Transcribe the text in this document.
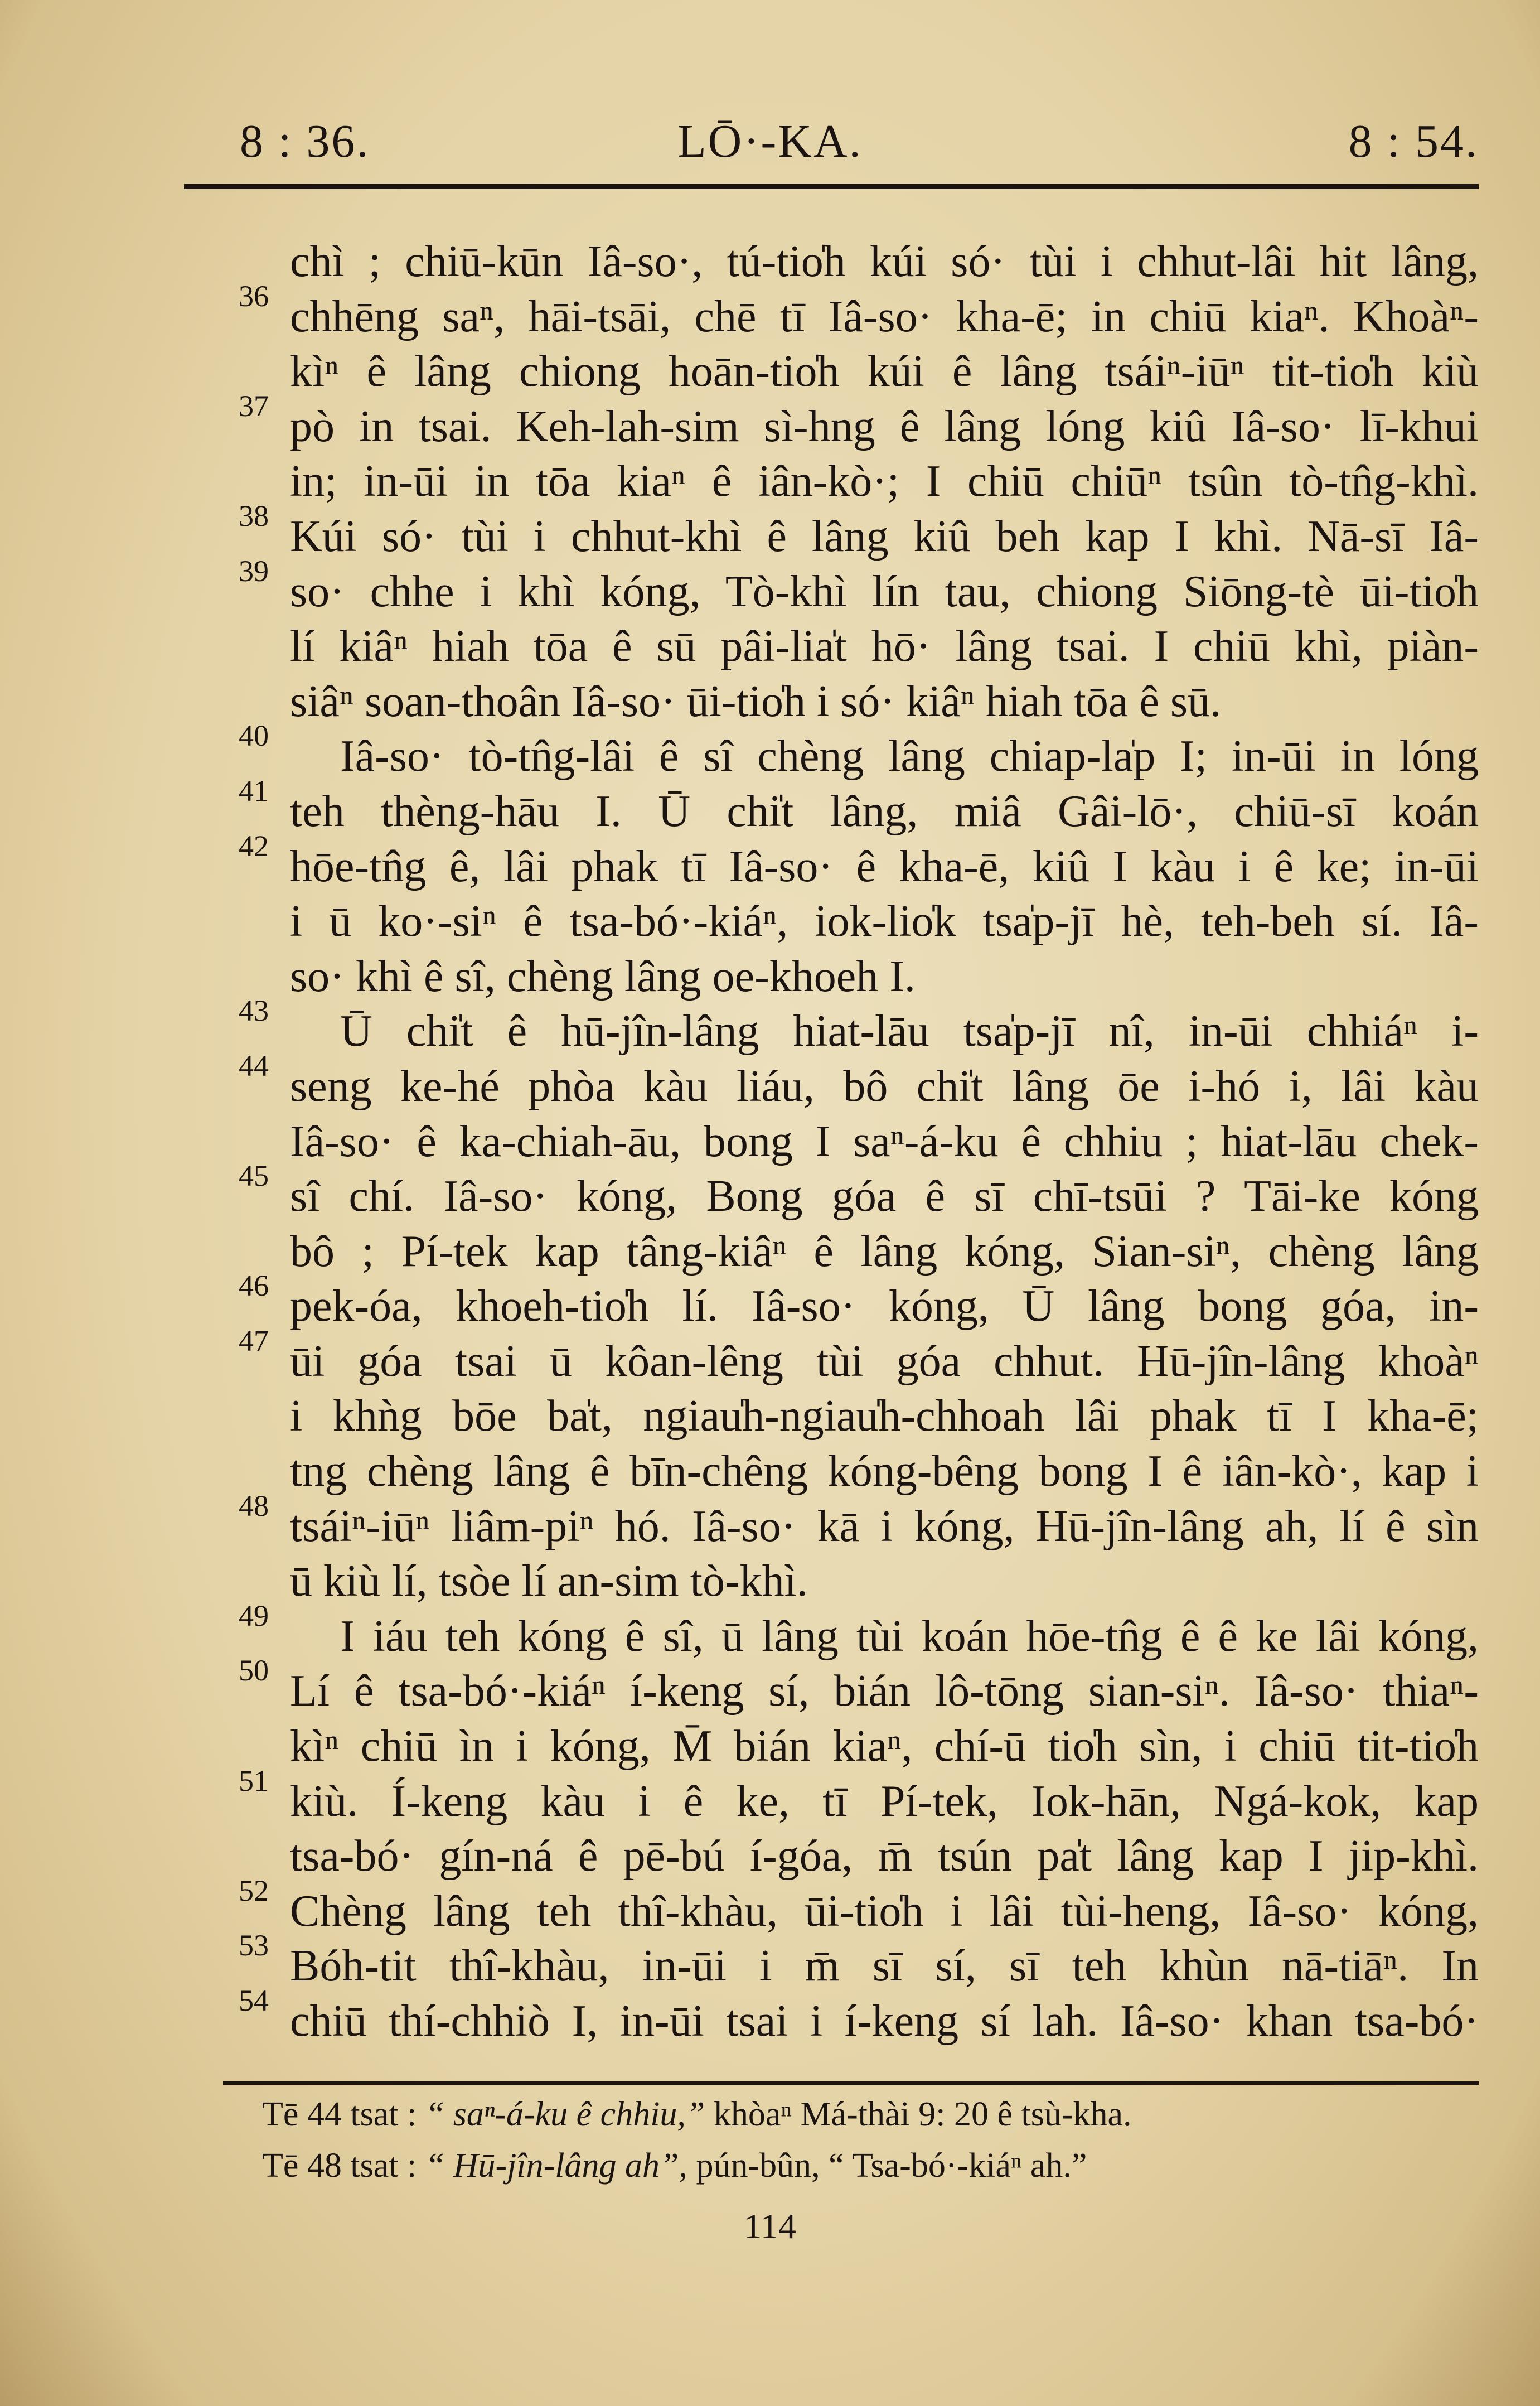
8 : 36.	LŌ·-KA.	8 : 54.
chì ; chiū-kūn Iâ-so·, tú-tio̍h kúi só· tùi i chhut-lâi hit lâng,
36 chhēng saⁿ, hāi-tsāi, chē tī Iâ-so· kha-ē; in chiū kiaⁿ. Khoàⁿ-
kìⁿ ê lâng chiong hoān-tio̍h kúi ê lâng tsáiⁿ-iūⁿ tit-tio̍h kiù
37 pò in tsai. Keh-lah-sim sì-hng ê lâng lóng kiû Iâ-so· lī-khui
in; in-ūi in tōa kiaⁿ ê iân-kò·; I chiū chiūⁿ tsûn tò-tn̂g-khì.
38 Kúi só· tùi i chhut-khì ê lâng kiû beh kap I khì. Nā-sī Iâ-
39 so· chhe i khì kóng, Tò-khì lín tau, chiong Siōng-tè ūi-tio̍h
lí kiâⁿ hiah tōa ê sū pâi-lia̍t hō· lâng tsai. I chiū khì, piàn-
siâⁿ soan-thoân Iâ-so· ūi-tio̍h i só· kiâⁿ hiah tōa ê sū.
40 Iâ-so· tò-tn̂g-lâi ê sî chèng lâng chiap-la̍p I; in-ūi in lóng
41 teh thèng-hāu I. Ū chi̍t lâng, miâ Gâi-lō·, chiū-sī koán
42 hōe-tn̂g ê, lâi phak tī Iâ-so· ê kha-ē, kiû I kàu i ê ke; in-ūi
i ū ko·-siⁿ ê tsa-bó·-kiáⁿ, iok-lio̍k tsa̍p-jī hè, teh-beh sí. Iâ-
so· khì ê sî, chèng lâng oe-khoeh I.
43 Ū chi̍t ê hū-jîn-lâng hiat-lāu tsa̍p-jī nî, in-ūi chhiáⁿ i-
44 seng ke-hé phòa kàu liáu, bô chi̍t lâng ōe i-hó i, lâi kàu
Iâ-so· ê ka-chiah-āu, bong I saⁿ-á-ku ê chhiu ; hiat-lāu chek-
45 sî chí. Iâ-so· kóng, Bong góa ê sī chī-tsūi ? Tāi-ke kóng
bô ; Pí-tek kap tâng-kiâⁿ ê lâng kóng, Sian-siⁿ, chèng lâng
46 pek-óa, khoeh-tio̍h lí. Iâ-so· kóng, Ū lâng bong góa, in-
47 ūi góa tsai ū kôan-lêng tùi góa chhut. Hū-jîn-lâng khoàⁿ
i khǹg bōe ba̍t, ngiau̍h-ngiau̍h-chhoah lâi phak tī I kha-ē;
tng chèng lâng ê bīn-chêng kóng-bêng bong I ê iân-kò·, kap i
48 tsáiⁿ-iūⁿ liâm-piⁿ hó. Iâ-so· kā i kóng, Hū-jîn-lâng ah, lí ê sìn
ū kiù lí, tsòe lí an-sim tò-khì.
49 I iáu teh kóng ê sî, ū lâng tùi koán hōe-tn̂g ê ê ke lâi kóng,
50 Lí ê tsa-bó·-kiáⁿ í-keng sí, bián lô-tōng sian-siⁿ. Iâ-so· thiaⁿ-
kìⁿ chiū ìn i kóng, M̄ bián kiaⁿ, chí-ū tio̍h sìn, i chiū tit-tio̍h
51 kiù. Í-keng kàu i ê ke, tī Pí-tek, Iok-hān, Ngá-kok, kap
tsa-bó· gín-ná ê pē-bú í-góa, m̄ tsún pa̍t lâng kap I jip-khì.
52 Chèng lâng teh thî-khàu, ūi-tio̍h i lâi tùi-heng, Iâ-so· kóng,
53 Bóh-tit thî-khàu, in-ūi i m̄ sī sí, sī teh khùn nā-tiāⁿ. In
54 chiū thí-chhiò I, in-ūi tsai i í-keng sí lah. Iâ-so· khan tsa-bó·
Tē 44 tsat : “ saⁿ-á-ku ê chhiu,” khòaⁿ Má-thài 9: 20 ê tsù-kha.
Tē 48 tsat : “ Hū-jîn-lâng ah”, pún-bûn, “ Tsa-bó·-kiáⁿ ah.”
114
